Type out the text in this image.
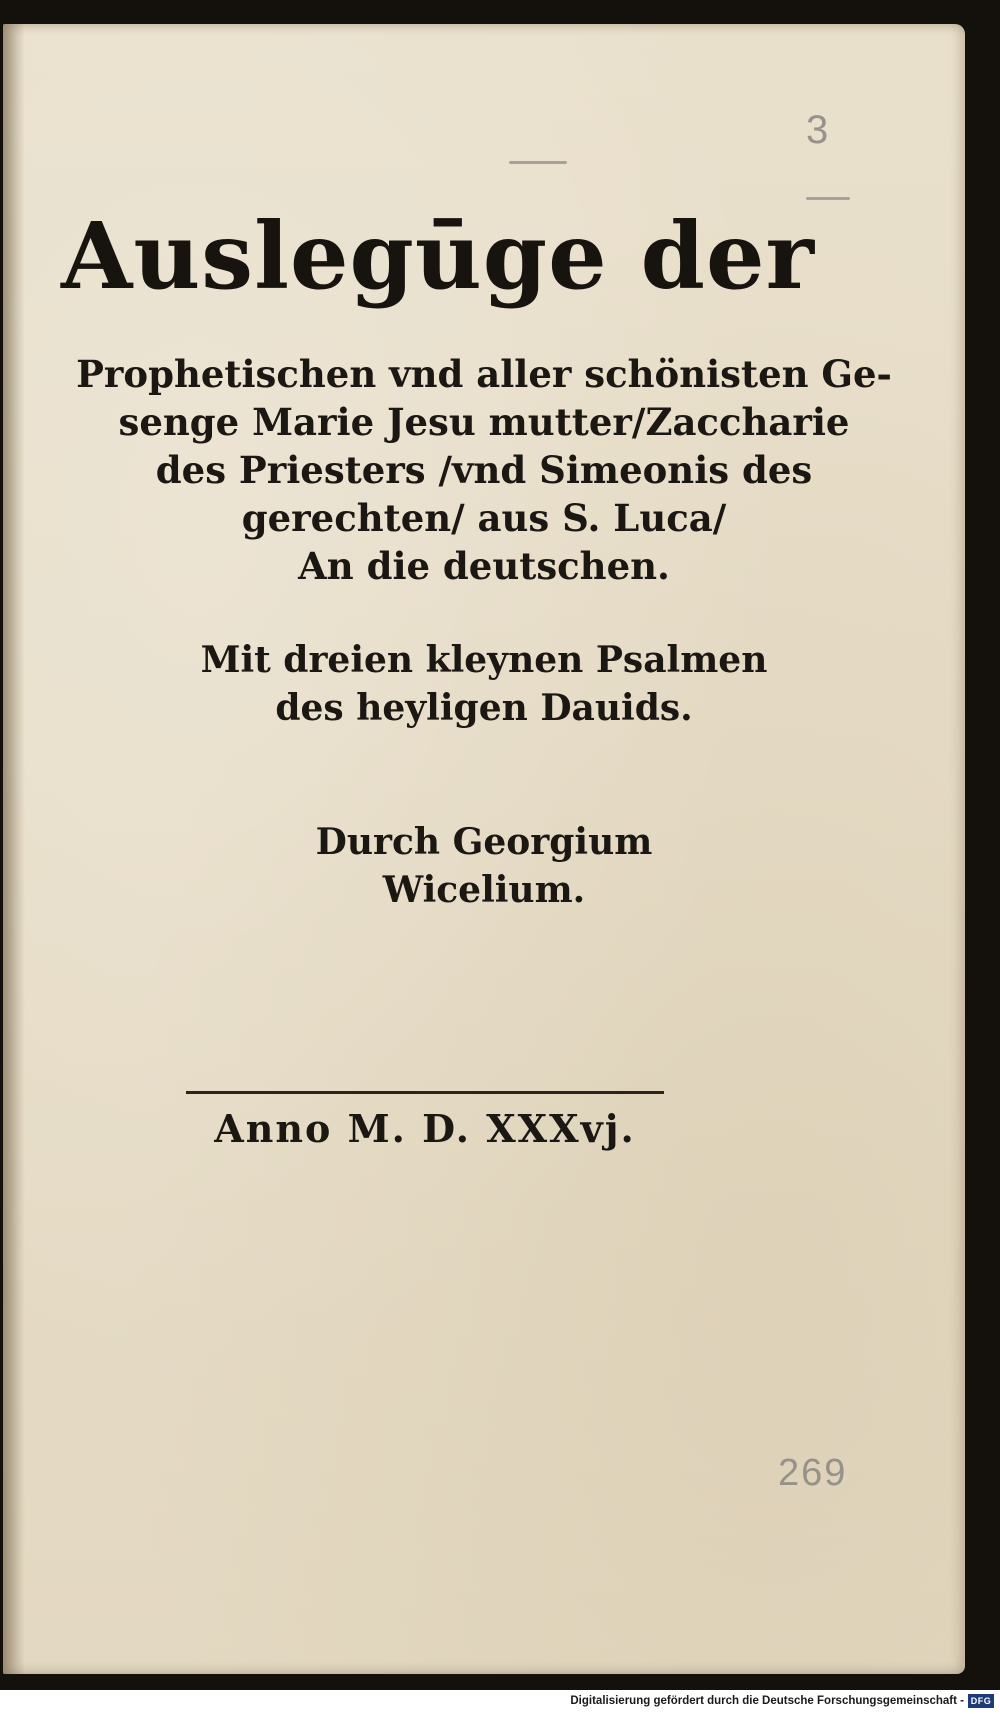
3
Auslegūge der
Prophetischen vnd aller schönisten Ge-
senge Marie Jesu mutter/Zaccharie
des Priesters /vnd Simeonis des
gerechten/ aus S. Luca/
An die deutschen.
Mit dreien kleynen Psalmen
des heyligen Dauids.
Durch Georgium
Wicelium.
Anno M. D. XXXvj.
269
Digitalisierung gefördert durch die Deutsche Forschungsgemeinschaft - DFG
